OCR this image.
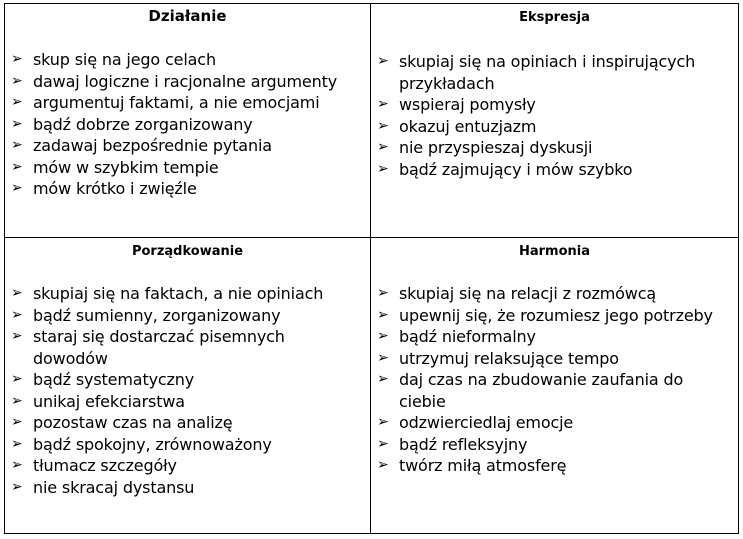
Działanie

➢ skup się na jego celach
➢ dawaj logiczne i racjonalne argumenty
➢ argumentuj faktami, a nie emocjami
➢ bądź dobrze zorganizowany
➢ zadawaj bezpośrednie pytania
➢ mów w szybkim tempie
➢ mów krótko i zwięźle

Ekspresja

➢ skupiaj się na opiniach i inspirujących przykładach
➢ wspieraj pomysły
➢ okazuj entuzjazm
➢ nie przyspieszaj dyskusji
➢ bądź zajmujący i mów szybko

Porządkowanie

➢ skupiaj się na faktach, a nie opiniach
➢ bądź sumienny, zorganizowany
➢ staraj się dostarczać pisemnych dowodów
➢ bądź systematyczny
➢ unikaj efekciarstwa
➢ pozostaw czas na analizę
➢ bądź spokojny, zrównoważony
➢ tłumacz szczegóły
➢ nie skracaj dystansu

Harmonia

➢ skupiaj się na relacji z rozmówcą
➢ upewnij się, że rozumiesz jego potrzeby
➢ bądź nieformalny
➢ utrzymuj relaksujące tempo
➢ daj czas na zbudowanie zaufania do ciebie
➢ odzwierciedlaj emocje
➢ bądź refleksyjny
➢ twórz miłą atmosferę
